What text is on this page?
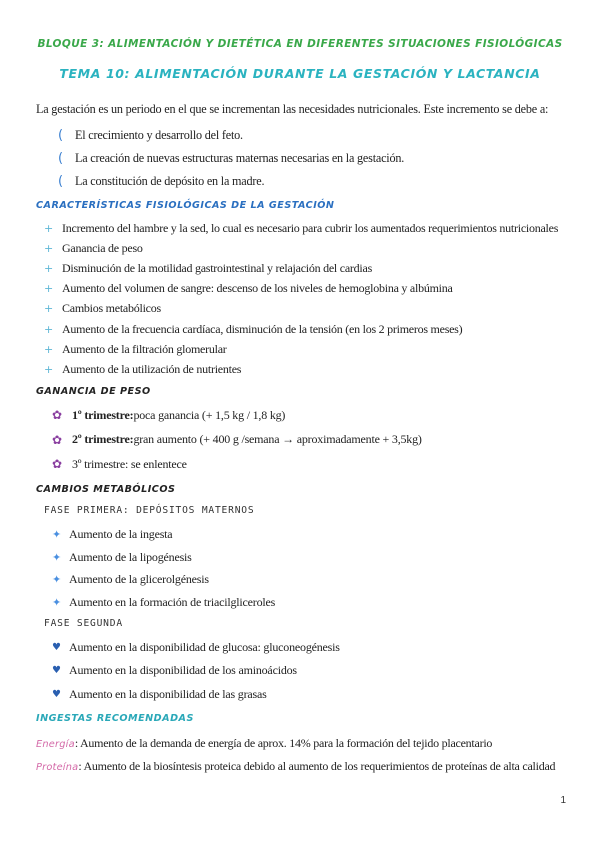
BLOQUE 3: ALIMENTACIÓN Y DIETÉTICA EN DIFERENTES SITUACIONES FISIOLÓGICAS
TEMA 10: ALIMENTACIÓN DURANTE LA GESTACIÓN Y LACTANCIA
La gestación es un periodo en el que se incrementan las necesidades nutricionales. Este incremento se debe a:
( El crecimiento y desarrollo del feto.
( La creación de nuevas estructuras maternas necesarias en la gestación.
( La constitución de depósito en la madre.
CARACTERÍSTICAS FISIOLÓGICAS DE LA GESTACIÓN
+ Incremento del hambre y la sed, lo cual es necesario para cubrir los aumentados requerimientos nutricionales
+ Ganancia de peso
+ Disminución de la motilidad gastrointestinal y relajación del cardias
+ Aumento del volumen de sangre: descenso de los niveles de hemoglobina y albúmina
+ Cambios metabólicos
+ Aumento de la frecuencia cardíaca, disminución de la tensión (en los 2 primeros meses)
+ Aumento de la filtración glomerular
+ Aumento de la utilización de nutrientes
GANANCIA DE PESO
✿ 1º trimestre: poca ganancia (+ 1,5 kg / 1,8 kg)
✿ 2º trimestre: gran aumento (+ 400 g /semana → aproximadamente + 3,5kg)
✿ 3º trimestre: se enlentece
CAMBIOS METABÓLICOS
FASE PRIMERA: DEPÓSITOS MATERNOS
✦ Aumento de la ingesta
✦ Aumento de la lipogénesis
✦ Aumento de la glicerolgénesis
✦ Aumento en la formación de triacilgliceroles
FASE SEGUNDA
♥ Aumento en la disponibilidad de glucosa: gluconeogénesis
♥ Aumento en la disponibilidad de los aminoácidos
♥ Aumento en la disponibilidad de las grasas
INGESTAS RECOMENDADAS
Energía: Aumento de la demanda de energía de aprox. 14% para la formación del tejido placentario
Proteína: Aumento de la biosíntesis proteica debido al aumento de los requerimientos de proteínas de alta calidad
1
